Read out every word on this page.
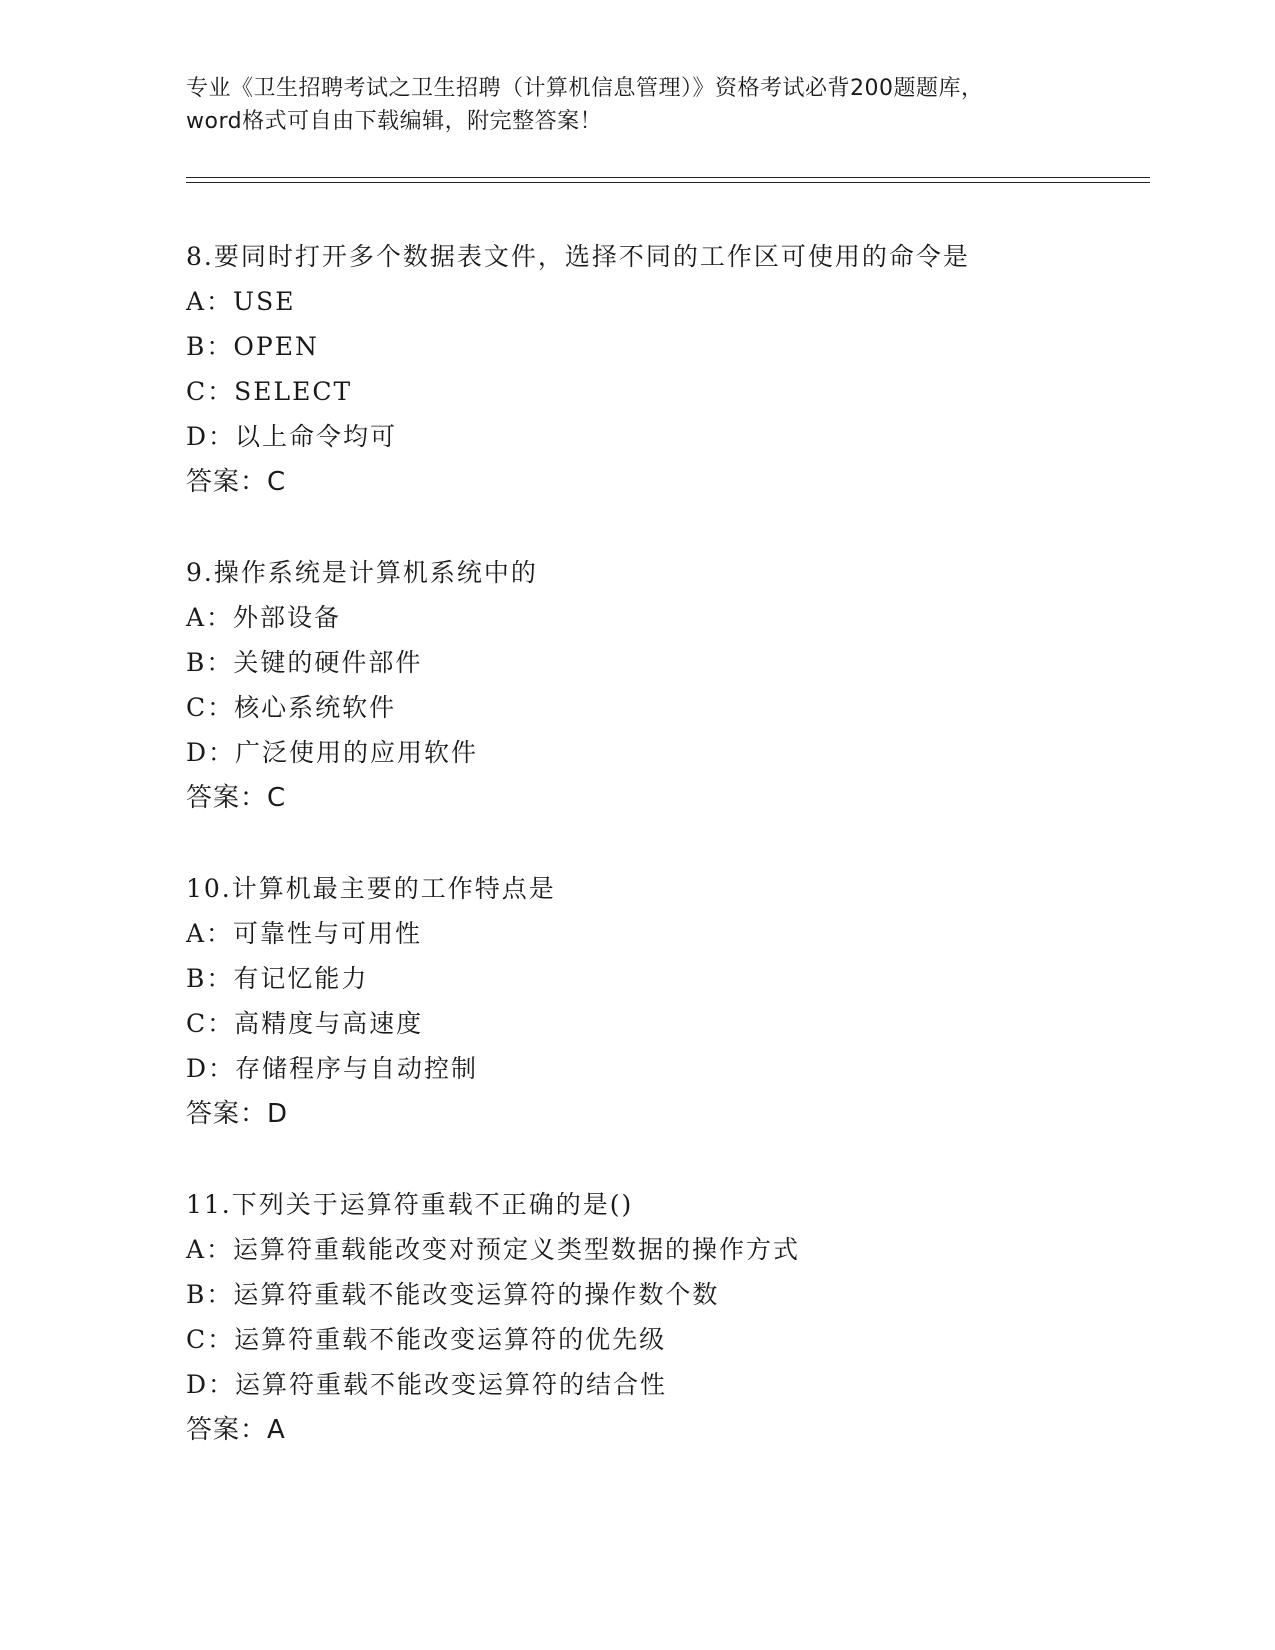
专业《卫生招聘考试之卫生招聘（计算机信息管理）》资格考试必背200题题库，
word格式可自由下载编辑，附完整答案！
8.要同时打开多个数据表文件，选择不同的工作区可使用的命令是
A：USE
B：OPEN
C：SELECT
D：以上命令均可
答案：C
9.操作系统是计算机系统中的
A：外部设备
B：关键的硬件部件
C：核心系统软件
D：广泛使用的应用软件
答案：C
10.计算机最主要的工作特点是
A：可靠性与可用性
B：有记忆能力
C：高精度与高速度
D：存储程序与自动控制
答案：D
11.下列关于运算符重载不正确的是()
A：运算符重载能改变对预定义类型数据的操作方式
B：运算符重载不能改变运算符的操作数个数
C：运算符重载不能改变运算符的优先级
D：运算符重载不能改变运算符的结合性
答案：A
